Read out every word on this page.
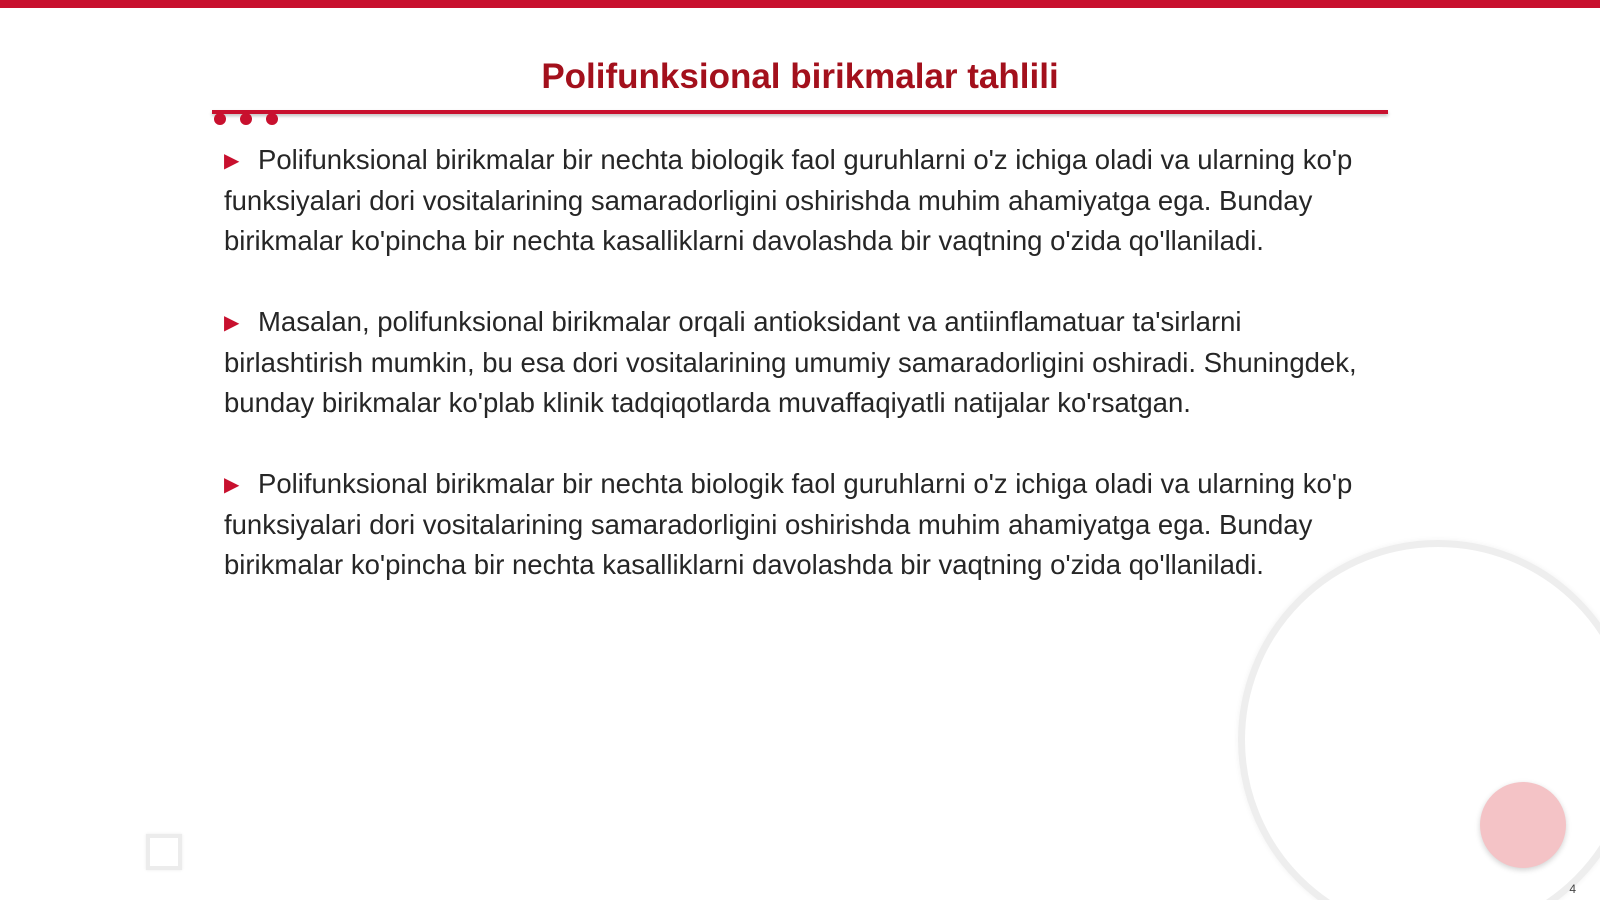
Polifunksional birikmalar tahlili

▶ Polifunksional birikmalar bir nechta biologik faol guruhlarni o'z ichiga oladi va ularning ko'p funksiyalari dori vositalarining samaradorligini oshirishda muhim ahamiyatga ega. Bunday birikmalar ko'pincha bir nechta kasalliklarni davolashda bir vaqtning o'zida qo'llaniladi.

▶ Masalan, polifunksional birikmalar orqali antioksidant va antiinflamatuar ta'sirlarni birlashtirish mumkin, bu esa dori vositalarining umumiy samaradorligini oshiradi. Shuningdek, bunday birikmalar ko'plab klinik tadqiqotlarda muvaffaqiyatli natijalar ko'rsatgan.

▶ Polifunksional birikmalar bir nechta biologik faol guruhlarni o'z ichiga oladi va ularning ko'p funksiyalari dori vositalarining samaradorligini oshirishda muhim ahamiyatga ega. Bunday birikmalar ko'pincha bir nechta kasalliklarni davolashda bir vaqtning o'zida qo'llaniladi.

4
